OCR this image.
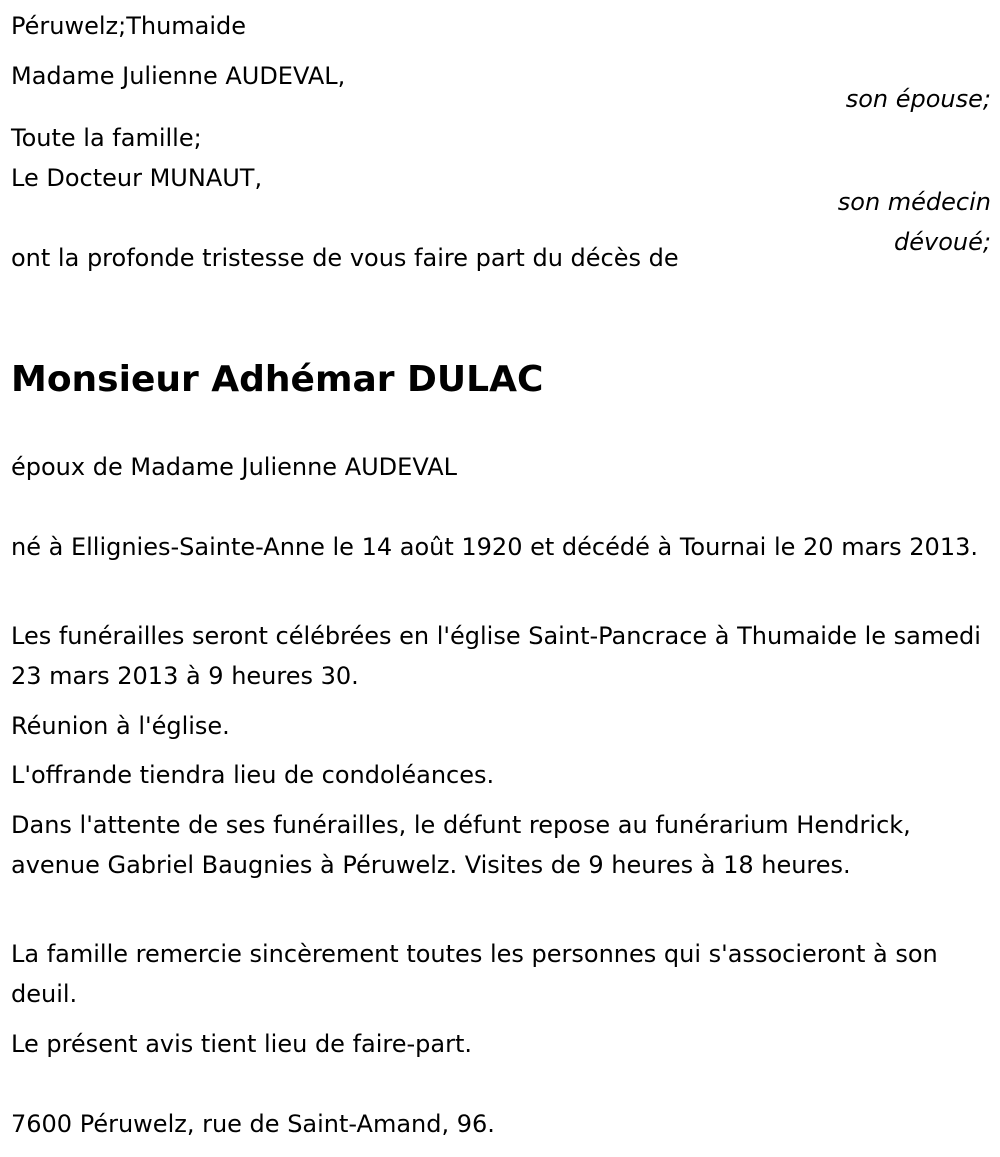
Péruwelz;Thumaide
Madame Julienne AUDEVAL,
son épouse;
Toute la famille;
Le Docteur MUNAUT,
son médecin
dévoué;
ont la profonde tristesse de vous faire part du décès de
Monsieur Adhémar DULAC
époux de Madame Julienne AUDEVAL
né à Ellignies-Sainte-Anne le 14 août 1920 et décédé à Tournai le 20 mars 2013.
Les funérailles seront célébrées en l'église Saint-Pancrace à Thumaide le samedi 23 mars 2013 à 9 heures 30.
Réunion à l'église.
L'offrande tiendra lieu de condoléances.
Dans l'attente de ses funérailles, le défunt repose au funérarium Hendrick, avenue Gabriel Baugnies à Péruwelz. Visites de 9 heures à 18 heures.
La famille remercie sincèrement toutes les personnes qui s'associeront à son deuil.
Le présent avis tient lieu de faire-part.
7600 Péruwelz, rue de Saint-Amand, 96.
